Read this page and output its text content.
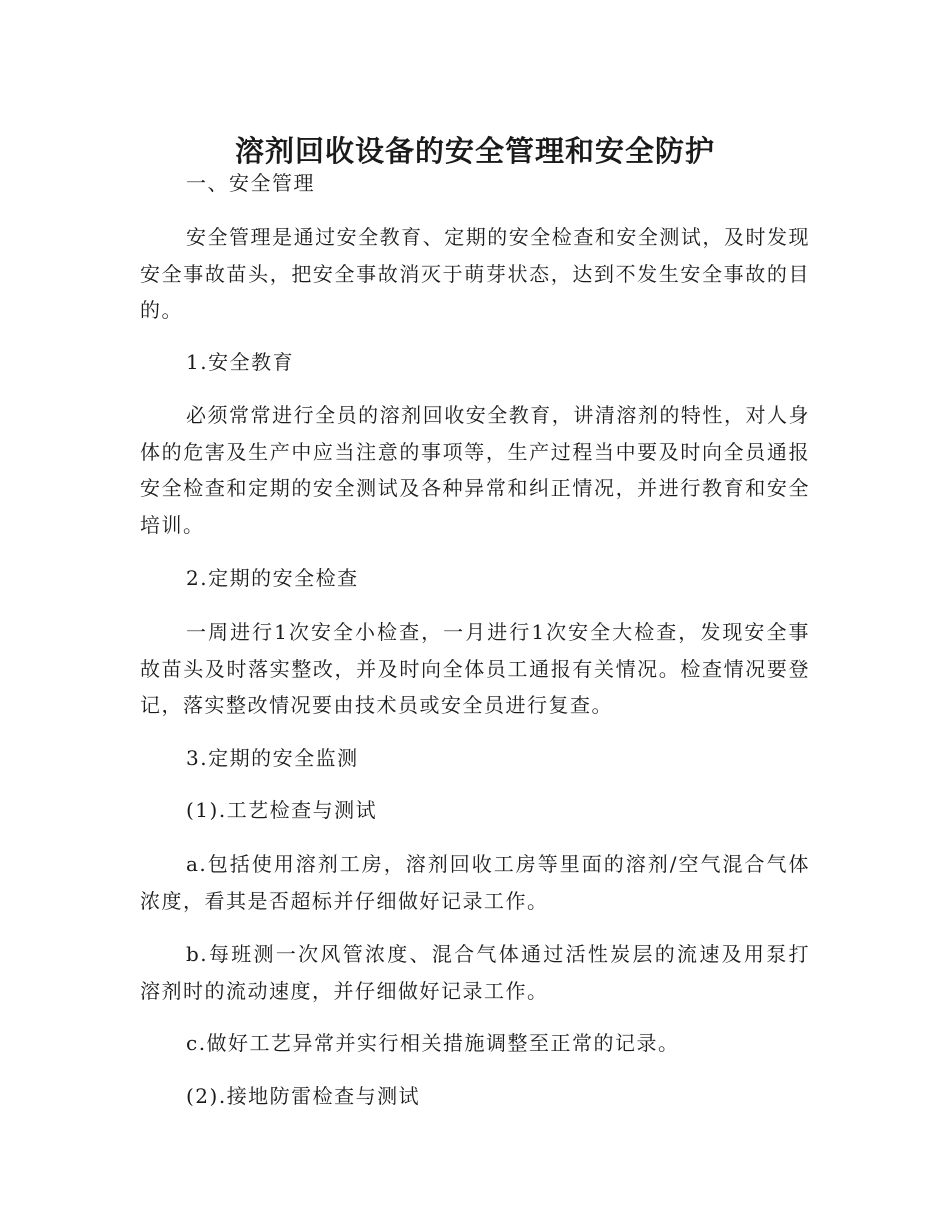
溶剂回收设备的安全管理和安全防护

一、安全管理

安全管理是通过安全教育、定期的安全检查和安全测试，及时发现安全事故苗头，把安全事故消灭于萌芽状态，达到不发生安全事故的目的。

1.安全教育

必须常常进行全员的溶剂回收安全教育，讲清溶剂的特性，对人身体的危害及生产中应当注意的事项等，生产过程当中要及时向全员通报安全检查和定期的安全测试及各种异常和纠正情况，并进行教育和安全培训。

2.定期的安全检查

一周进行1次安全小检查，一月进行1次安全大检查，发现安全事故苗头及时落实整改，并及时向全体员工通报有关情况。检查情况要登记，落实整改情况要由技术员或安全员进行复查。

3.定期的安全监测

(1).工艺检查与测试

a.包括使用溶剂工房，溶剂回收工房等里面的溶剂/空气混合气体浓度，看其是否超标并仔细做好记录工作。

b.每班测一次风管浓度、混合气体通过活性炭层的流速及用泵打溶剂时的流动速度，并仔细做好记录工作。

c.做好工艺异常并实行相关措施调整至正常的记录。

(2).接地防雷检查与测试
